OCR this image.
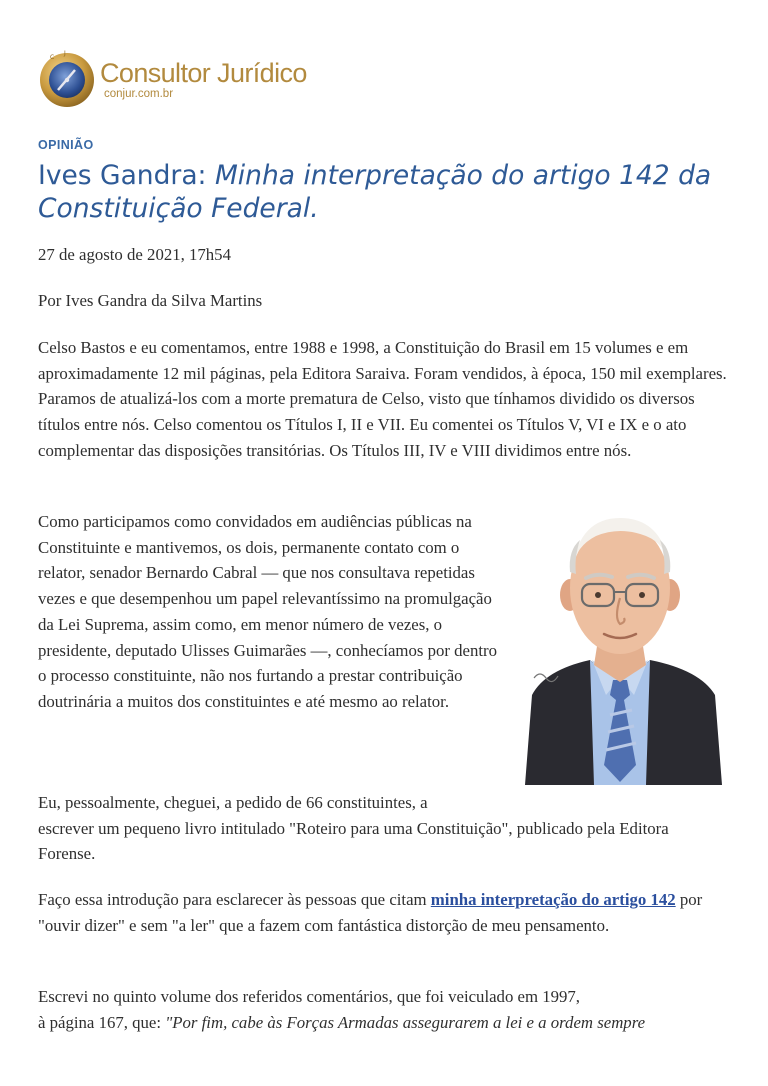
C
J
Consultor Jurídico
conjur.com.br
OPINIÃO
Ives Gandra: Minha interpretação do artigo 142 da Constituição Federal.

27 de agosto de 2021, 17h54

Por Ives Gandra da Silva Martins

Celso Bastos e eu comentamos, entre 1988 e 1998, a Constituição do Brasil em 15 volumes e em aproximadamente 12 mil páginas, pela Editora Saraiva. Foram vendidos, à época, 150 mil exemplares. Paramos de atualizá-los com a morte prematura de Celso, visto que tínhamos dividido os diversos títulos entre nós. Celso comentou os Títulos I, II e VII. Eu comentei os Títulos V, VI e IX e o ato complementar das disposições transitórias. Os Títulos III, IV e VIII dividimos entre nós.

Como participamos como convidados em audiências públicas na Constituinte e mantivemos, os dois, permanente contato com o relator, senador Bernardo Cabral — que nos consultava repetidas vezes e que desempenhou um papel relevantíssimo na promulgação da Lei Suprema, assim como, em menor número de vezes, o presidente, deputado Ulisses Guimarães —, conhecíamos por dentro o processo constituinte, não nos furtando a prestar contribuição doutrinária a muitos dos constituintes e até mesmo ao relator.

Eu, pessoalmente, cheguei, a pedido de 66 constituintes, a
escrever um pequeno livro intitulado "Roteiro para uma Constituição", publicado pela Editora Forense.

Faço essa introdução para esclarecer às pessoas que citam minha interpretação do artigo 142 por "ouvir dizer" e sem "a ler" que a fazem com fantástica distorção de meu pensamento.

Escrevi no quinto volume dos referidos comentários, que foi veiculado em 1997,
à página 167, que: "Por fim, cabe às Forças Armadas assegurarem a lei e a ordem sempre
